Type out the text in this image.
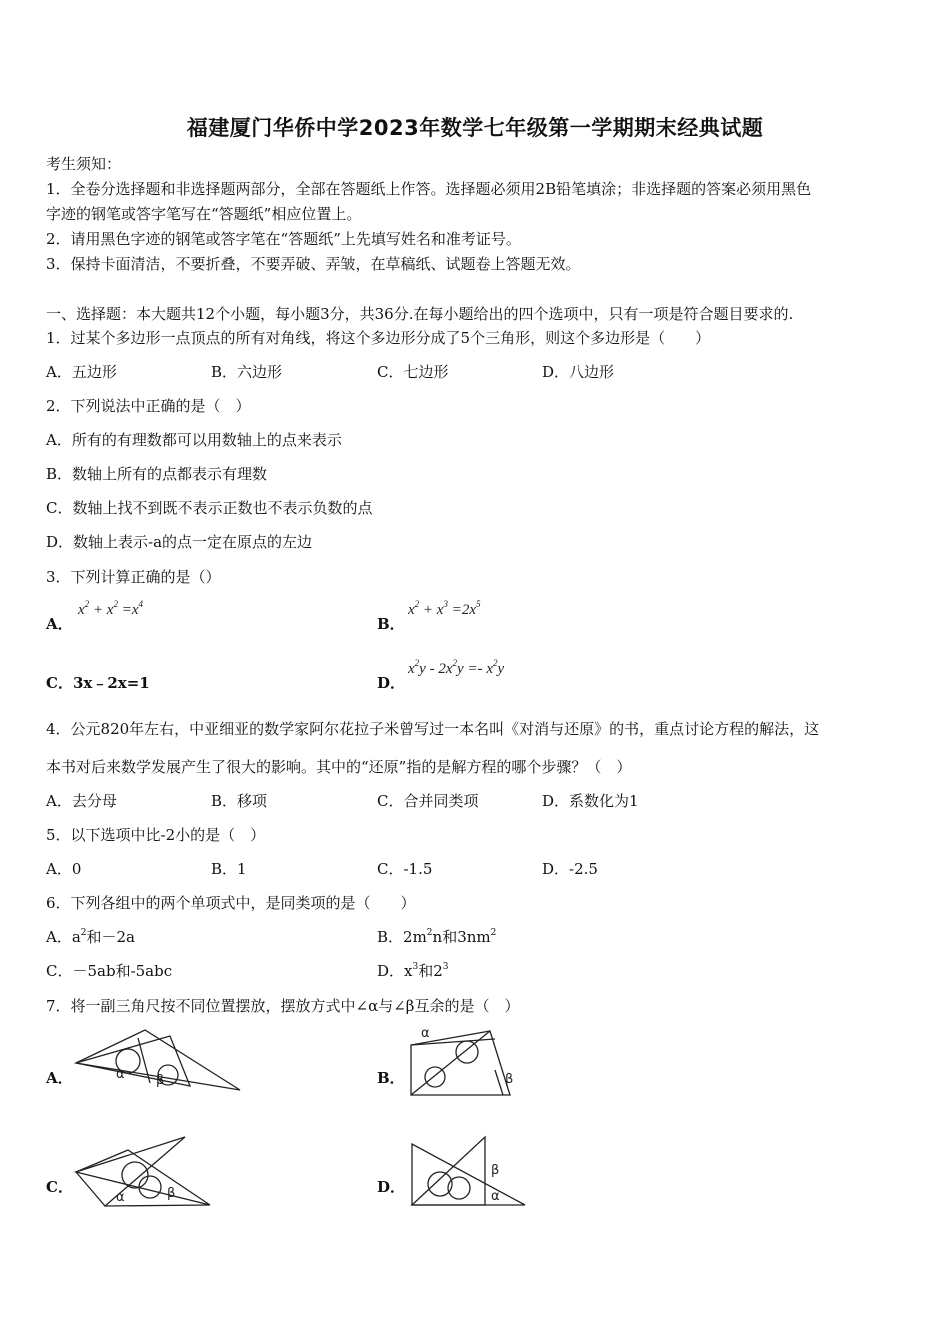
福建厦门华侨中学2023年数学七年级第一学期期末经典试题
考生须知：
1．全卷分选择题和非选择题两部分，全部在答题纸上作答。选择题必须用2B铅笔填涂；非选择题的答案必须用黑色
字迹的钢笔或答字笔写在“答题纸”相应位置上。
2．请用黑色字迹的钢笔或答字笔在“答题纸”上先填写姓名和准考证号。
3．保持卡面清洁，不要折叠，不要弄破、弄皱，在草稿纸、试题卷上答题无效。
一、选择题：本大题共12个小题，每小题3分，共36分.在每小题给出的四个选项中，只有一项是符合题目要求的.
1．过某个多边形一点顶点的所有对角线，将这个多边形分成了5个三角形，则这个多边形是（　　）
A．五边形	B．六边形	C．七边形	D．八边形
2．下列说法中正确的是（　）
A．所有的有理数都可以用数轴上的点来表示
B．数轴上所有的点都表示有理数
C．数轴上找不到既不表示正数也不表示负数的点
D．数轴上表示-a的点一定在原点的左边
3．下列计算正确的是（）
A．
$x^2 + x^2 =x^4$
B．
$x^2 + x^3 =2x^5$
C．3x﹣2x=1	D．
$x^2y - 2x^2y =- x^2y$
4．公元820年左右，中亚细亚的数学家阿尔花拉子米曾写过一本名叫《对消与还原》的书，重点讨论方程的解法，这
本书对后来数学发展产生了很大的影响。其中的“还原”指的是解方程的哪个步骤？（　）
A．去分母	B．移项	C．合并同类项	D．系数化为1
5．以下选项中比-2小的是（　）
A．0	B．1	C．-1.5	D．-2.5
6．下列各组中的两个单项式中，是同类项的是（　　）
A．$a^2$和－2a	B．$2m^2n$和$3nm^2$
C．－5ab和-5abc	D．$x^3$和$2^3$
7．将一副三角尺按不同位置摆放，摆放方式中∠α与∠β互余的是（　）
A．	α β	B．
α
β
C．
α	β	D．
β
α
